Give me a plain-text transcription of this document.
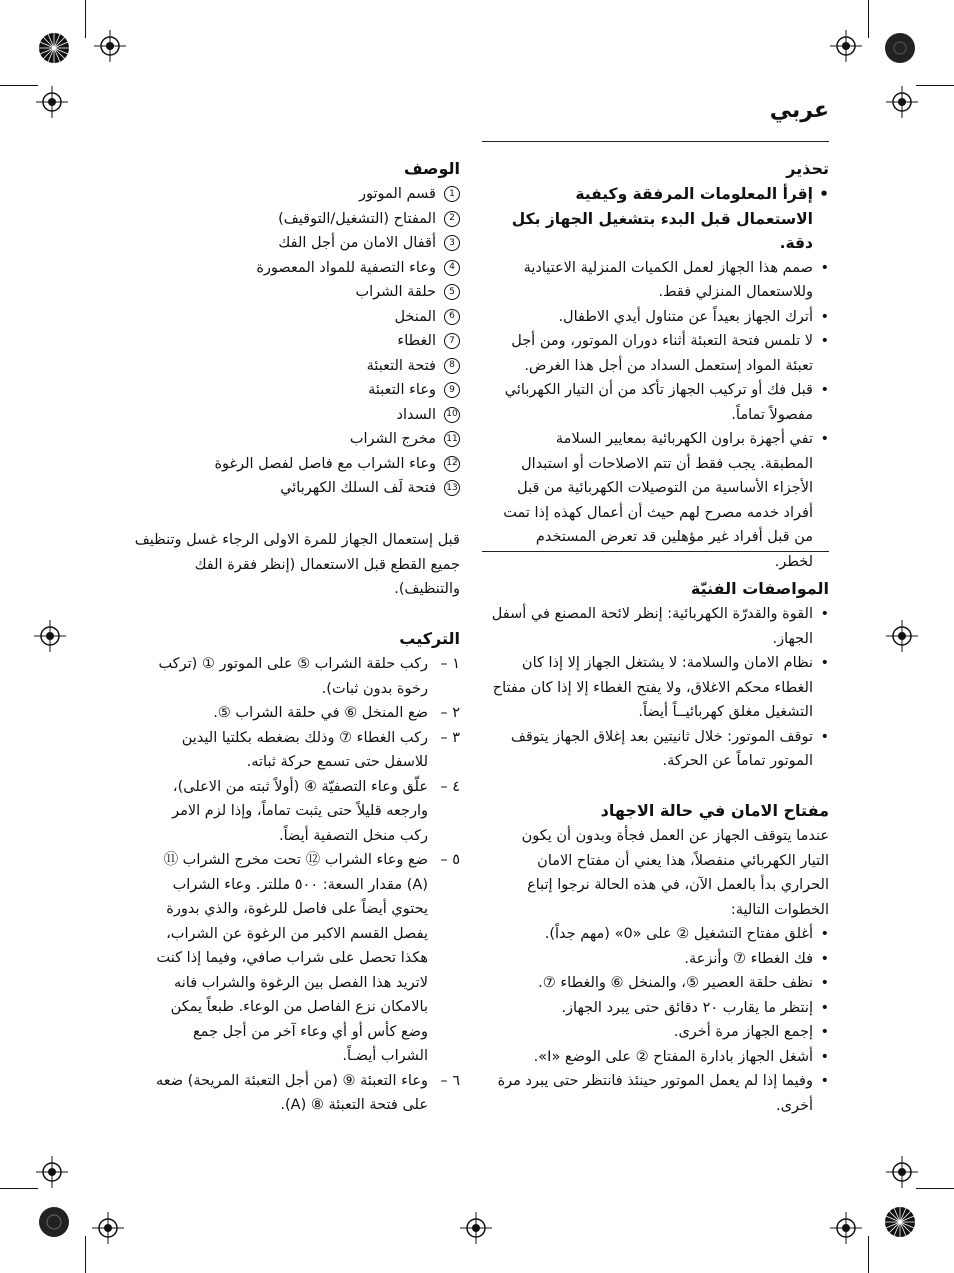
عربي
تحذير
• إقرأ المعلومات المرفقة وكيفية الاستعمال قبل البدء بتشغيل الجهاز بكل دقة.
• صمم هذا الجهاز لعمل الكميات المنزلية الاعتيادية وللاستعمال المنزلي فقط.
• أترك الجهاز بعيداً عن متناول أيدي الاطفال.
• لا تلمس فتحة التعبئة أثناء دوران الموتور، ومن أجل تعبئة المواد إستعمل السداد من أجل هذا الغرض.
• قبل فك أو تركيب الجهاز تأكد من أن التيار الكهربائي مفصولاً تماماً.
• تفي أجهزة براون الكهربائية بمعايير السلامة المطبقة. يجب فقط أن تتم الاصلاحات أو استبدال الأجزاء الأساسية من التوصيلات الكهربائية من قبل أفراد خدمه مصرح لهم حيث أن أعمال كهذه إذا تمت من قبل أفراد غير مؤهلين قد تعرض المستخدم لخطر.
المواصفات الفنيّة
• القوة والقدرّة الكهربائية: إنظر لائحة المصنع في أسفل الجهاز.
• نظام الامان والسلامة: لا يشتغل الجهاز إلا إذا كان الغطاء محكم الاغلاق، ولا يفتح الغطاء إلا إذا كان مفتاح التشغيل مغلق كهربائيــاً أيضاً.
• توقف الموتور: خلال ثانيتين بعد إغلاق الجهاز يتوقف الموتور تماماً عن الحركة.
مفتاح الامان في حالة الاجهاد
عندما يتوقف الجهاز عن العمل فجأة وبدون أن يكون التيار الكهربائي منفصلاً، هذا يعني أن مفتاح الامان الحراري بدأ بالعمل الآن، في هذه الحالة نرجوا إتباع الخطوات التالية:
• أغلق مفتاح التشغيل ② على «0» (مهم جداً).
• فك الغطاء ⑦ وأنزعة.
• نظف حلقة العصير ⑤، والمنخل ⑥ والغطاء ⑦.
• إنتظر ما يقارب ٢٠ دقائق حتى يبرد الجهاز.
• إجمع الجهاز مرة أخرى.
• أشغل الجهاز بادارة المفتاح ② على الوضع «I».
• وفيما إذا لم يعمل الموتور حينئذ فانتظر حتى يبرد مرة أخرى.
الوصف
1
قسم الموتور
2
المفتاح (التشغيل/التوقيف)
3
أقفال الامان من أجل الفك
4
وعاء التصفية للمواد المعصورة
5
حلقة الشراب
6
المنخل
7
الغطاء
8
فتحة التعبئة
9
وعاء التعبئة
10
السداد
11
مخرج الشراب
12
وعاء الشراب مع فاصل لفصل الرغوة
13
فتحة لَف السلك الكهربائي
قبل إستعمال الجهاز للمرة الاولى الرجاء غسل وتنظيف جميع القطع قبل الاستعمال (إنظر فقرة الفك والتنظيف).
التركيب
١ –
ركب حلقة الشراب ⑤ على الموتور ① (تركب رخوة بدون ثبات).
٢ –
ضع المنخل ⑥ في حلقة الشراب ⑤.
٣ –
ركب الغطاء ⑦ وذلك بضغطه بكلتيا اليدين للاسفل حتى تسمع حركة ثباته.
٤ –
علّق وعاء التصفيّة ④ (أولاً ثبته من الاعلى)، وارجعه قليلاً حتى يثبت تماماً، وإذا لزم الامر ركب منخل التصفية أيضاً.
٥ –
ضع وعاء الشراب ⑫ تحت مخرج الشراب ⑪ (A) مقدار السعة: ٥٠٠ مللتر. وعاء الشراب يحتوي أيضاً على فاصل للرغوة، والذي بدورة يفصل القسم الاكبر من الرغوة عن الشراب، هكذا تحصل على شراب صافي، وفيما إذا كنت لاتريد هذا الفصل بين الرغوة والشراب فانه بالامكان نزع الفاصل من الوعاء. طبعاً يمكن وضع كأس أو أي وعاء آخر من أجل جمع الشراب أيضـاً.
٦ –
وعاء التعبئة ⑨ (من أجل التعبئة المريحة) ضعه على فتحة التعبئة ⑧ (A).
